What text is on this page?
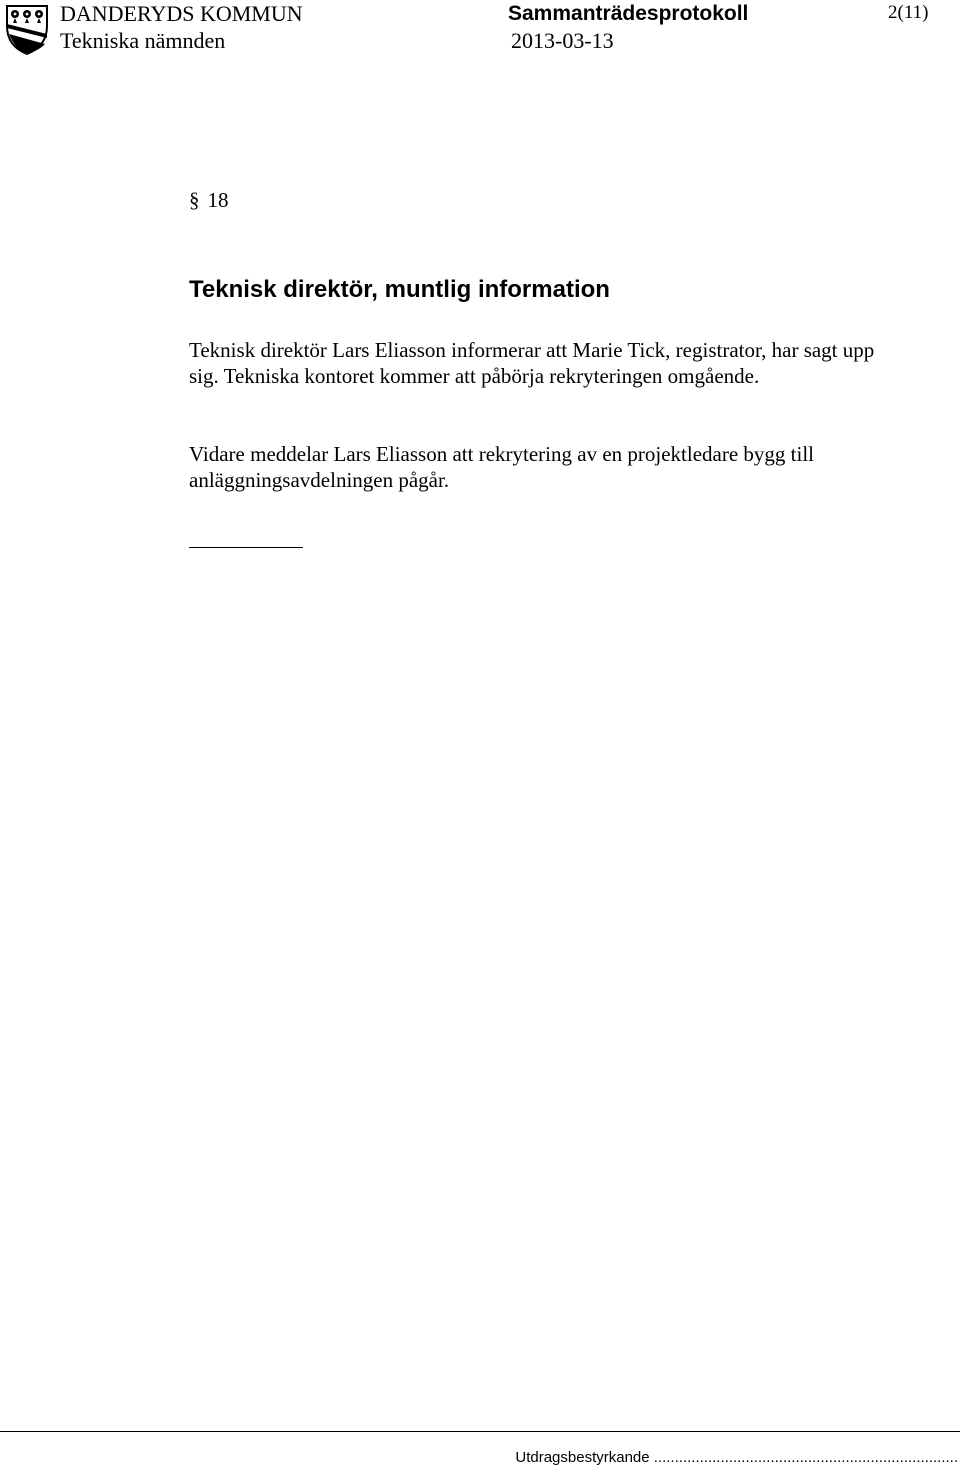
DANDERYDS KOMMUN
Tekniska nämnden
Sammanträdesprotokoll
2013-03-13
2(11)
§ 18
Teknisk direktör, muntlig information
Teknisk direktör Lars Eliasson informerar att Marie Tick, registrator, har sagt upp sig. Tekniska kontoret kommer att påbörja rekryteringen omgående.
Vidare meddelar Lars Eliasson att rekrytering av en projektledare bygg till anläggningsavdelningen pågår.
Utdragsbestyrkande .........................................................................
